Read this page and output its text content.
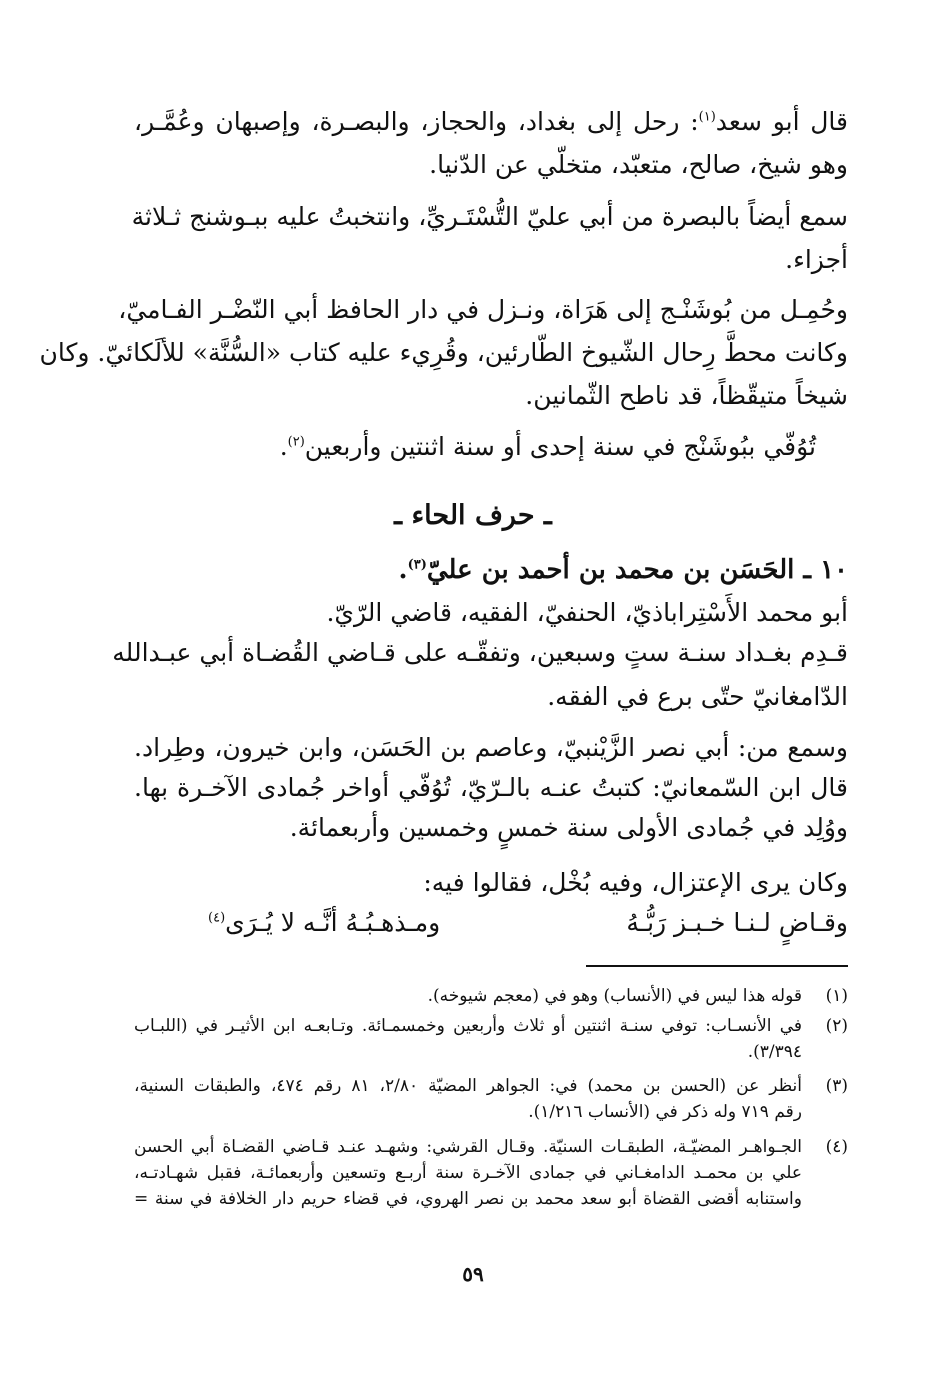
قال أبو سعد$^{(١)}$: رحل إلى بغداد، والحجاز، والبصـرة، وإصبهان وعُمَّـر،
وهو شيخ، صالح، متعبّد، متخلّي عن الدّنيا.
سمع أيضاً بالبصرة من أبي عليّ التُّسْتَـريِّ، وانتخبتُ عليه ببـوشنج ثـلاثة
أجزاء.
وحُمِـل من بُوشَنْـج إلى هَرَاة، ونـزل في دار الحافظ أبي النّضْـر الفـاميّ،
وكانت محطَّ رِحال الشّيوخ الطّارئين، وقُرِيء عليه كتاب «السُّنَّة» للألَكائيّ. وكان
شيخاً متيقّظاً، قد ناطح الثّمانين.
تُوُفّي ببُوشَنْج في سنة إحدى أو سنة اثنتين وأربعين$^{(٢)}$.
ـ حرف الحاء ـ
١٠ ـ الحَسَن بن محمد بن أحمد بن عليّ$^{(٣)}$.
أبو محمد الأَسْتِراباذيّ، الحنفيّ، الفقيه، قاضي الرّيّ.
قـدِم بغـداد سنـة ستٍ وسبعين، وتفقّـه على قـاضي القُضـاة أبي عبـدالله
الدّامغانيّ حتّى برع في الفقه.
وسمع من: أبي نصر الزَّيْنبيّ، وعاصم بن الحَسَن، وابن خيرون، وطِراد.
قال ابن السّمعانيّ: كتبتُ عنـه بالـرّيّ، تُوُفّي أواخر جُمادى الآخـرة بها.
ووُلِد في جُمادى الأولى سنة خمسٍ وخمسين وأربعمائة.
وكان يرى الإعتزال، وفيه بُخْل، فقالوا فيه:
وقـاضٍ لـنـا خـبـز رَبُّـهُ
ومـذهـبُـهُ أنَّـه لا يُـرَى$^{(٤)}$
(١)
قوله هذا ليس في (الأنساب) وهو في (معجم شيوخه).
(٢)
في الأنسـاب: توفي سنـة اثنتين أو ثلاث وأربعين وخمسمـائة. وتـابعـه ابن الأثيـر في (اللبـاب
٣/٣٩٤).
(٣)
أنظر عن (الحسن بن محمد) في: الجواهر المضيّة ٢/٨٠، ٨١ رقم ٤٧٤، والطبقات السنية،
رقم ٧١٩ وله ذكر في (الأنساب ١/٢١٦).
(٤)
الجـواهـر المضيّـة، الطبقـات السنيّة. وقـال القرشي: وشهـد عنـد قـاضي القضـاة أبي الحسن
علي بن محمـد الدامغـاني في جمادى الآخـرة سنة أربـع وتسعين وأربعمائـة، فقبل شهـادتـه،
واستنابه أقضى القضاة أبو سعد محمد بن نصر الهروي، في قضاء حريم دار الخلافة في سنة =
٥٩
